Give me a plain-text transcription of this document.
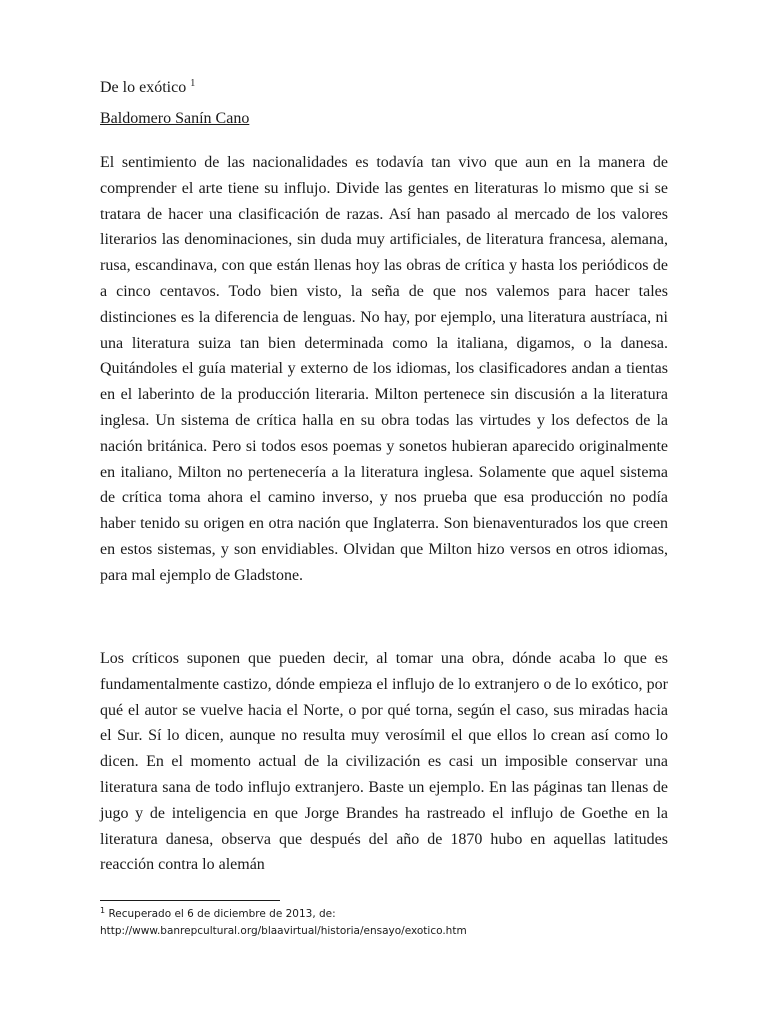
De lo exótico $^1$
Baldomero Sanín Cano

El sentimiento de las nacionalidades es todavía tan vivo que aun en la manera de comprender el arte tiene su influjo. Divide las gentes en literaturas lo mismo que si se tratara de hacer una clasificación de razas. Así han pasado al mercado de los valores literarios las denominaciones, sin duda muy artificiales, de literatura francesa, alemana, rusa, escandinava, con que están llenas hoy las obras de crítica y hasta los periódicos de a cinco centavos. Todo bien visto, la seña de que nos valemos para hacer tales distinciones es la diferencia de lenguas. No hay, por ejemplo, una literatura austríaca, ni una literatura suiza tan bien determinada como la italiana, digamos, o la danesa. Quitándoles el guía material y externo de los idiomas, los clasificadores andan a tientas en el laberinto de la producción literaria. Milton pertenece sin discusión a la literatura inglesa. Un sistema de crítica halla en su obra todas las virtudes y los defectos de la nación británica. Pero si todos esos poemas y sonetos hubieran aparecido originalmente en italiano, Milton no pertenecería a la literatura inglesa. Solamente que aquel sistema de crítica toma ahora el camino inverso, y nos prueba que esa producción no podía haber tenido su origen en otra nación que Inglaterra. Son bienaventurados los que creen en estos sistemas, y son envidiables. Olvidan que Milton hizo versos en otros idiomas, para mal ejemplo de Gladstone.

Los críticos suponen que pueden decir, al tomar una obra, dónde acaba lo que es fundamentalmente castizo, dónde empieza el influjo de lo extranjero o de lo exótico, por qué el autor se vuelve hacia el Norte, o por qué torna, según el caso, sus miradas hacia el Sur. Sí lo dicen, aunque no resulta muy verosímil el que ellos lo crean así como lo dicen. En el momento actual de la civilización es casi un imposible conservar una literatura sana de todo influjo extranjero. Baste un ejemplo. En las páginas tan llenas de jugo y de inteligencia en que Jorge Brandes ha rastreado el influjo de Goethe en la literatura danesa, observa que después del año de 1870 hubo en aquellas latitudes reacción contra lo alemán

$^1$ Recuperado el 6 de diciembre de 2013, de:
http://www.banrepcultural.org/blaavirtual/historia/ensayo/exotico.htm
